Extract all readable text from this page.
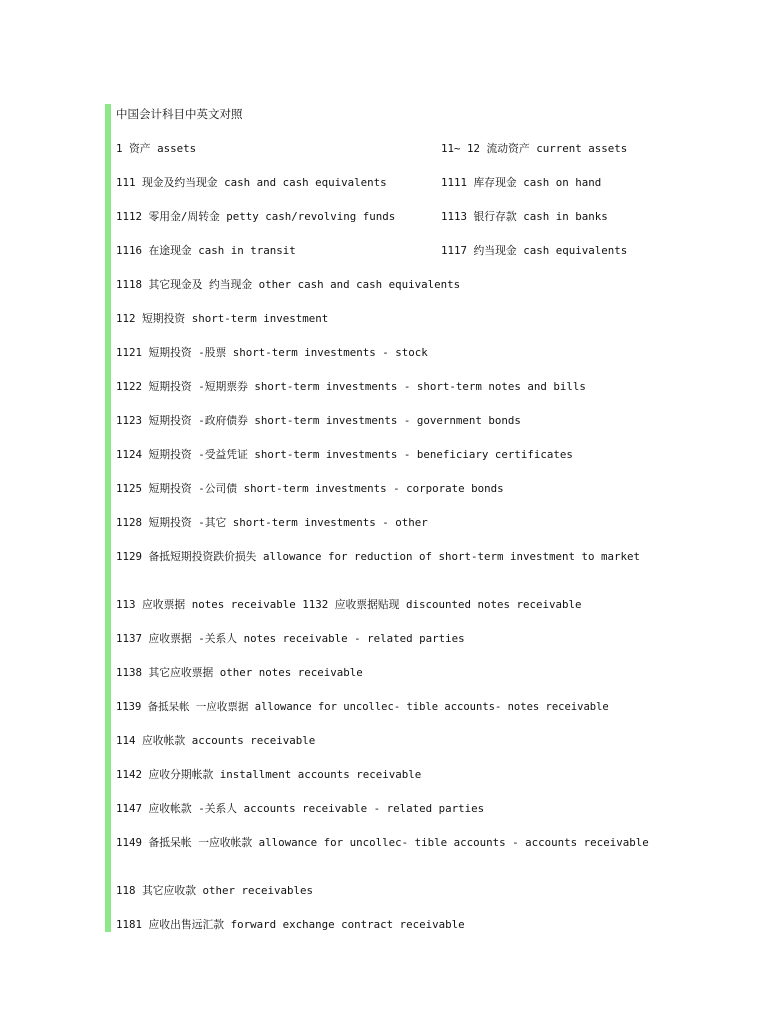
中国会计科目中英文对照
1 资产 assets	11~ 12 流动资产 current assets
111 现金及约当现金 cash and cash equivalents	1111 库存现金 cash on hand
1112 零用金/周转金 petty cash/revolving funds	1113 银行存款 cash in banks
1116 在途现金 cash in transit	1117 约当现金 cash equivalents
1118 其它现金及 约当现金 other cash and cash equivalents
112 短期投资 short-term investment
1121 短期投资 -股票 short-term investments - stock
1122 短期投资 -短期票券 short-term investments - short-term notes and bills
1123 短期投资 -政府债券 short-term investments - government bonds
1124 短期投资 -受益凭证 short-term investments - beneficiary certificates
1125 短期投资 -公司债 short-term investments - corporate bonds
1128 短期投资 -其它 short-term investments - other
1129 备抵短期投资跌价损失 allowance for reduction of short-term investment to market
113 应收票据 notes receivable 1132 应收票据贴现 discounted notes receivable
1137 应收票据 -关系人 notes receivable - related parties
1138 其它应收票据 other notes receivable
1139 备抵呆帐 一应收票据 allowance for uncollec- tible accounts- notes receivable
114 应收帐款 accounts receivable
1142 应收分期帐款 installment accounts receivable
1147 应收帐款 -关系人 accounts receivable - related parties
1149 备抵呆帐 一应收帐款 allowance for uncollec- tible accounts - accounts receivable
118 其它应收款 other receivables
1181 应收出售远汇款 forward exchange contract receivable
